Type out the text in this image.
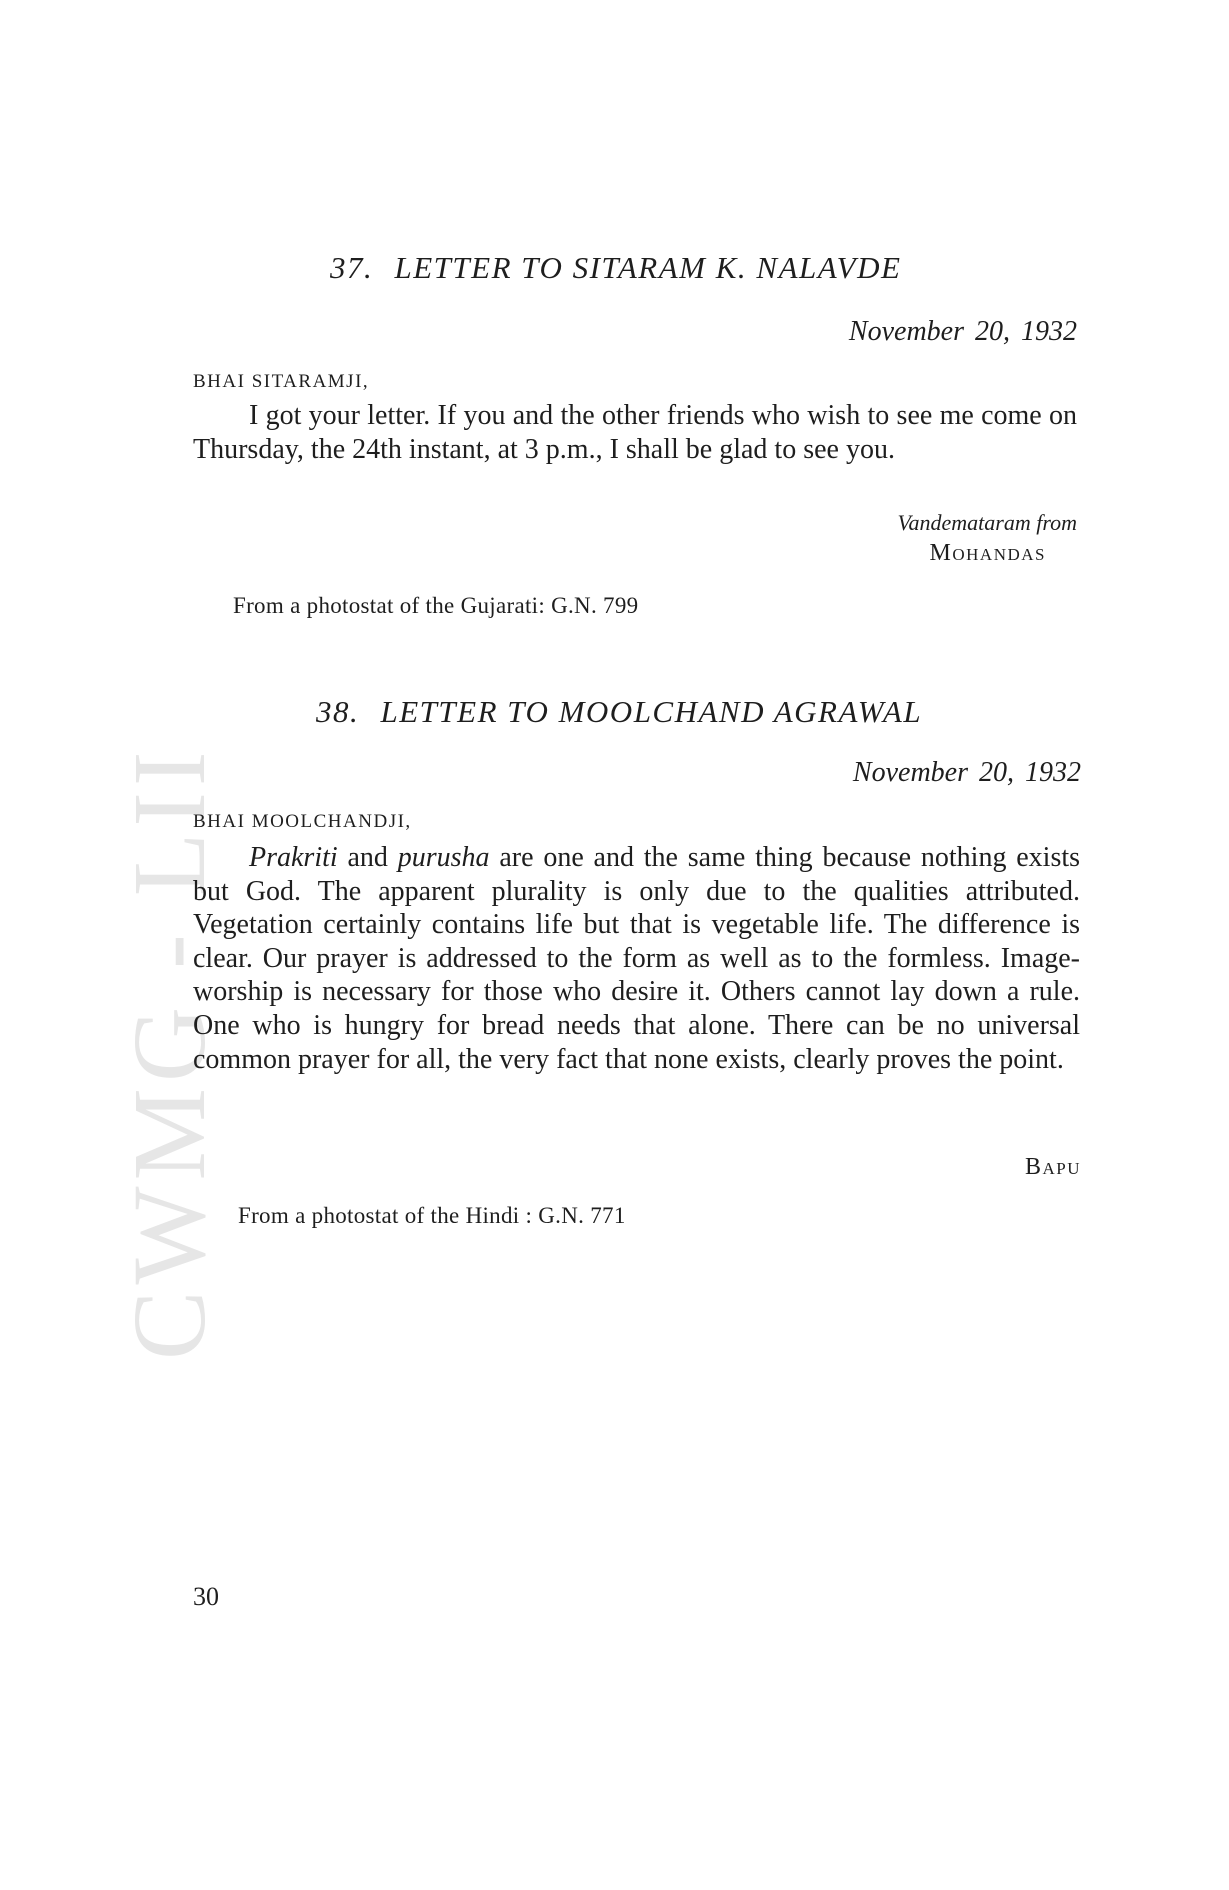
CWMG - LII
37. LETTER TO SITARAM K. NALAVDE
November 20, 1932
BHAI SITARAMJI,

I got your letter. If you and the other friends who wish to see me come on Thursday, the 24th instant, at 3 p.m., I shall be glad to see you.

Vandemataram from
Mohandas
From a photostat of the Gujarati: G.N. 799
38. LETTER TO MOOLCHAND AGRAWAL
November 20, 1932
BHAI MOOLCHANDJI,

Prakriti and purusha are one and the same thing because nothing exists but God. The apparent plurality is only due to the qualities attributed. Vegetation certainly contains life but that is vegetable life. The difference is clear. Our prayer is addressed to the form as well as to the formless. Image-worship is necessary for those who desire it. Others cannot lay down a rule. One who is hungry for bread needs that alone. There can be no universal common prayer for all, the very fact that none exists, clearly proves the point.

Bapu
From a photostat of the Hindi : G.N. 771
30
